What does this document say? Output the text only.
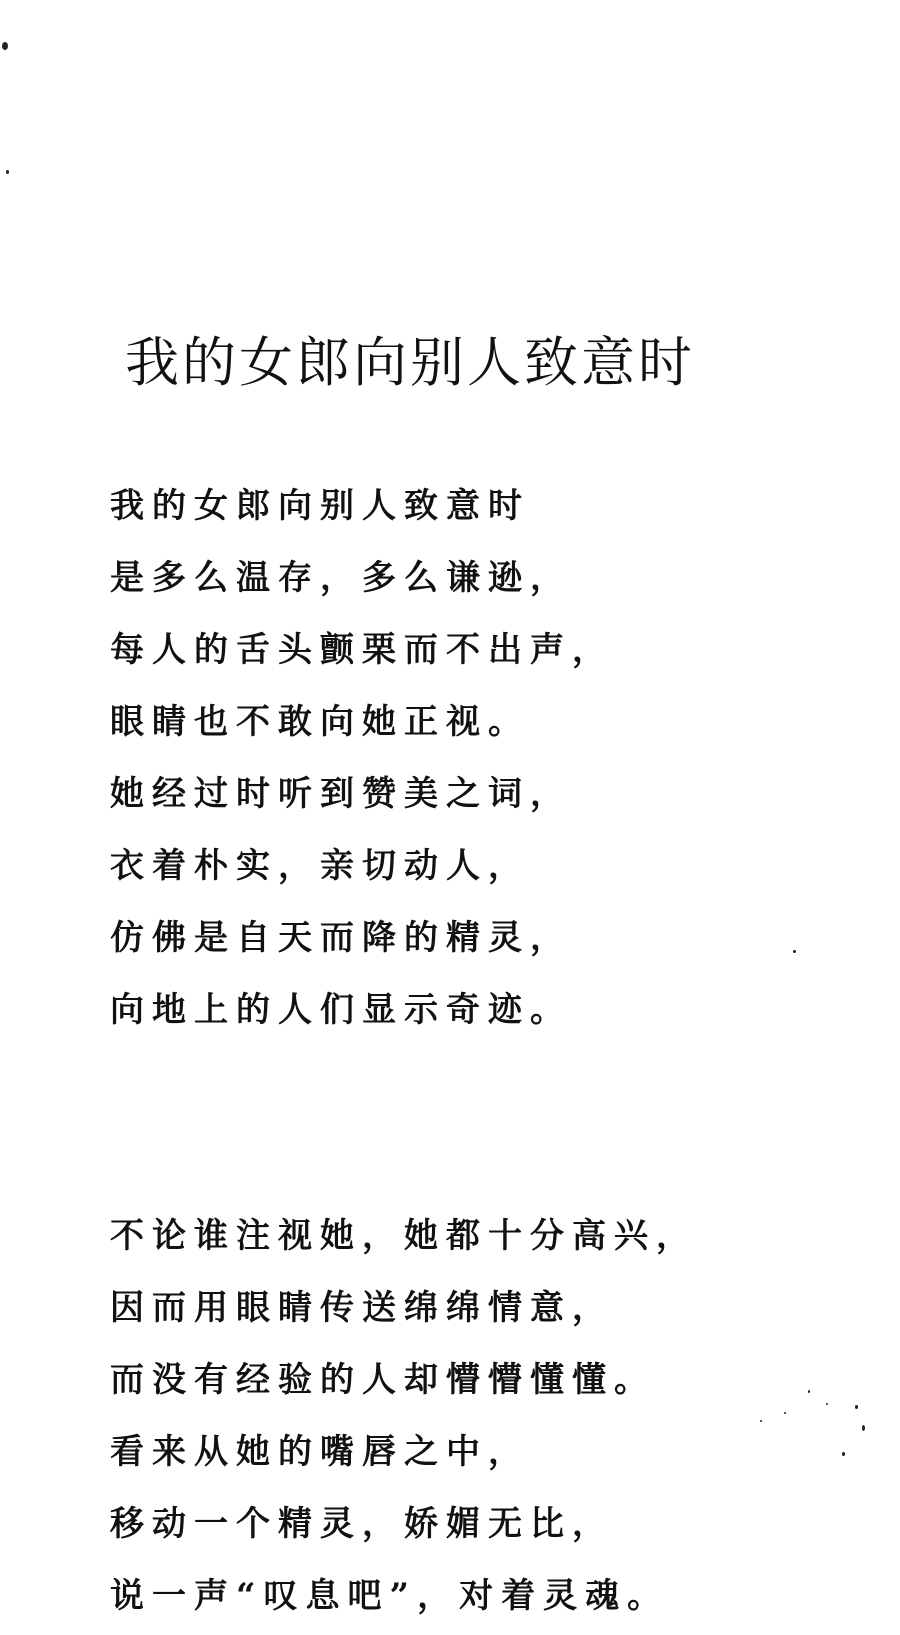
我的女郎向别人致意时
我的女郎向别人致意时
是多么温存，多么谦逊，
每人的舌头颤栗而不出声，
眼睛也不敢向她正视。
她经过时听到赞美之词，
衣着朴实，亲切动人，
仿佛是自天而降的精灵，
向地上的人们显示奇迹。
不论谁注视她，她都十分高兴，
因而用眼睛传送绵绵情意，
而没有经验的人却懵懵懂懂。
看来从她的嘴唇之中，
移动一个精灵，娇媚无比，
说一声“叹息吧”，对着灵魂。
